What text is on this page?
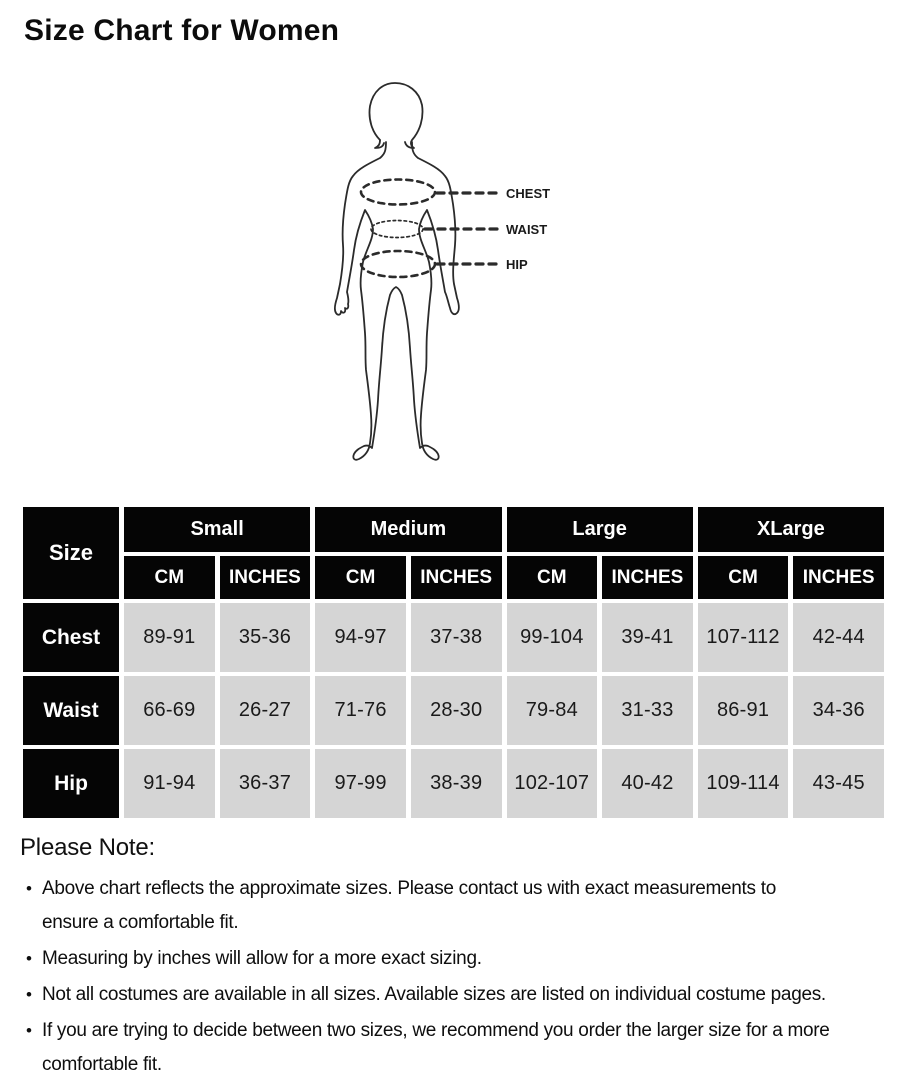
Size Chart for Women
CHEST
WAIST
HIP
Size
Small	Medium	Large	XLarge
CM	INCHES	CM	INCHES	CM	INCHES	CM	INCHES
Chest	89-91	35-36	94-97	37-38	99-104	39-41	107-112	42-44
Waist	66-69	26-27	71-76	28-30	79-84	31-33	86-91	34-36
Hip	91-94	36-37	97-99	38-39	102-107	40-42	109-114	43-45
Please Note:
• Above chart reflects the approximate sizes. Please contact us with exact measurements to ensure a comfortable fit.
• Measuring by inches will allow for a more exact sizing.
• Not all costumes are available in all sizes. Available sizes are listed on individual costume pages.
• If you are trying to decide between two sizes, we recommend you order the larger size for a more comfortable fit.
